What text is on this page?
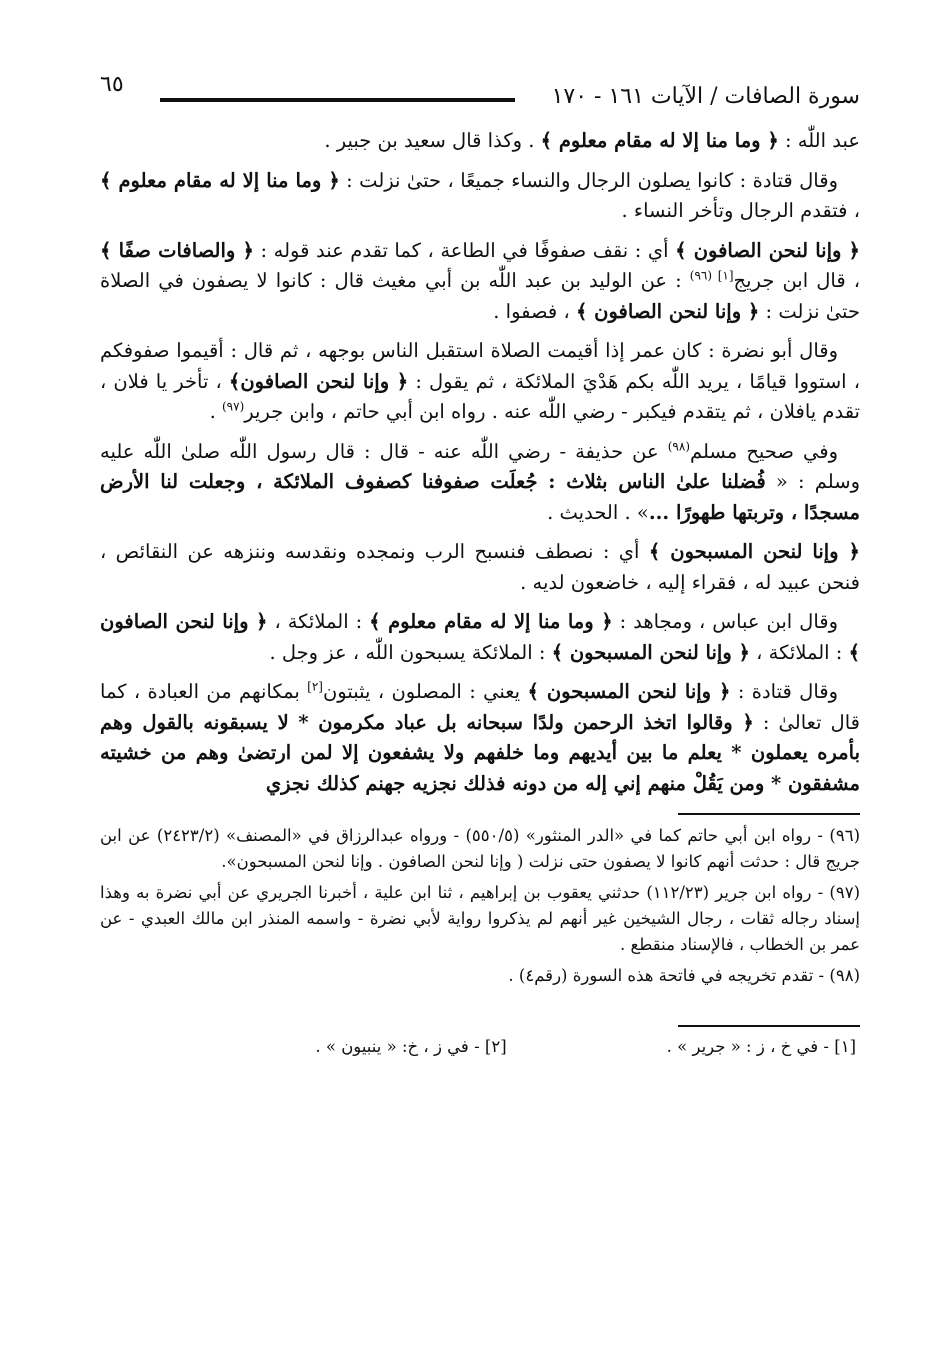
سورة الصافات / الآيات ١٦١ - ١٧٠
٦٥

عبد اللّٰه : ﴿ وما منا إلا له مقام معلوم ﴾ . وكذا قال سعيد بن جبير .

وقال قتادة : كانوا يصلون الرجال والنساء جميعًا ، حتىٰ نزلت : ﴿ وما منا إلا له مقام معلوم ﴾ ، فتقدم الرجال وتأخر النساء .

﴿ وإنا لنحن الصافون ﴾ أي : نقف صفوفًا في الطاعة ، كما تقدم عند قوله : ﴿ والصافات صفًا ﴾ ، قال ابن جريج[١] $^{(٩٦)}$ : عن الوليد بن عبد اللّٰه بن أبي مغيث قال : كانوا لا يصفون في الصلاة حتىٰ نزلت : ﴿ وإنا لنحن الصافون ﴾ ، فصفوا .

وقال أبو نضرة : كان عمر إذا أقيمت الصلاة استقبل الناس بوجهه ، ثم قال : أقيموا صفوفكم ، استووا قيامًا ، يريد اللّٰه بكم هَدْيَ الملائكة ، ثم يقول : ﴿ وإنا لنحن الصافون﴾ ، تأخر يا فلان ، تقدم يافلان ، ثم يتقدم فيكبر - رضي اللّٰه عنه . رواه ابن أبي حاتم ، وابن جرير$^{(٩٧)}$ .

وفي صحيح مسلم$^{(٩٨)}$ عن حذيفة - رضي اللّٰه عنه - قال : قال رسول اللّٰه صلىٰ اللّٰه عليه وسلم : « فُضلنا علىٰ الناس بثلاث : جُعلَت صفوفنا كصفوف الملائكة ، وجعلت لنا الأرض مسجدًا ، وتربتها طهورًا ...» . الحديث .

﴿ وإنا لنحن المسبحون ﴾ أي : نصطف فنسبح الرب ونمجده ونقدسه وننزهه عن النقائص ، فنحن عبيد له ، فقراء إليه ، خاضعون لديه .

وقال ابن عباس ، ومجاهد : ﴿ وما منا إلا له مقام معلوم ﴾ : الملائكة ، ﴿ وإنا لنحن الصافون ﴾ : الملائكة ، ﴿ وإنا لنحن المسبحون ﴾ : الملائكة يسبحون اللّٰه ، عز وجل .

وقال قتادة : ﴿ وإنا لنحن المسبحون ﴾ يعني : المصلون ، يثبتون[٢] بمكانهم من العبادة ، كما قال تعالىٰ : ﴿ وقالوا اتخذ الرحمن ولدًا سبحانه بل عباد مكرمون * لا يسبقونه بالقول وهم بأمره يعملون * يعلم ما بين أيديهم وما خلفهم ولا يشفعون إلا لمن ارتضىٰ وهم من خشيته مشفقون * ومن يَقُلْ منهم إني إله من دونه فذلك نجزيه جهنم كذلك نجزي

(٩٦) - رواه ابن أبي حاتم كما في «الدر المنثور» (٥٥٠/٥) - ورواه عبدالرزاق في «المصنف» (٢٤٢٣/٢) عن ابن جريج قال : حدثت أنهم كانوا لا يصفون حتى نزلت ( وإنا لنحن الصافون . وإنا لنحن المسبحون».

(٩٧) - رواه ابن جرير (١١٢/٢٣) حدثني يعقوب بن إبراهيم ، ثنا ابن علية ، أخبرنا الجريري عن أبي نضرة به وهذا إسناد رجاله ثقات ، رجال الشيخين غير أنهم لم يذكروا رواية لأبي نضرة - واسمه المنذر ابن مالك العبدي - عن عمر بن الخطاب ، فالإسناد منقطع .

(٩٨) - تقدم تخريجه في فاتحة هذه السورة (رقم٤) .

[١] - في خ ، ز : « جرير » .
[٢] - في ز ، خ: « ينبيون » .
